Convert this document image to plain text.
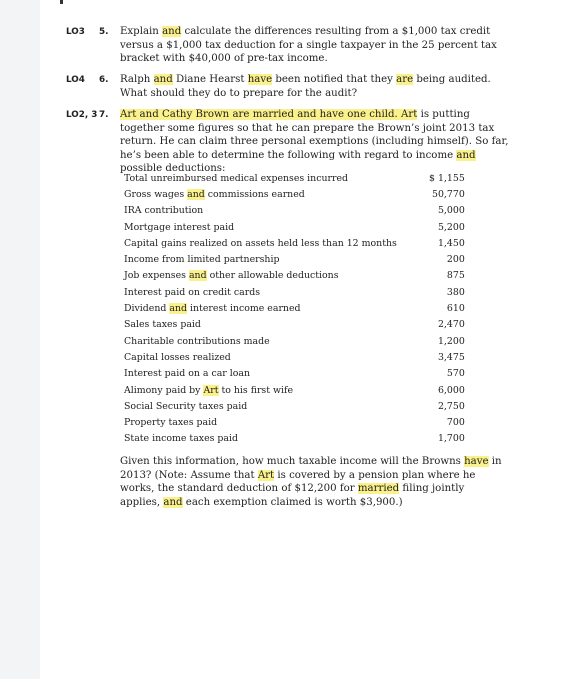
LO3 5. Explain and calculate the differences resulting from a $1,000 tax credit versus a $1,000 tax deduction for a single taxpayer in the 25 percent tax bracket with $40,000 of pre-tax income.
LO4 6. Ralph and Diane Hearst have been notified that they are being audited. What should they do to prepare for the audit?
LO2, 3 7. Art and Cathy Brown are married and have one child. Art is putting together some figures so that he can prepare the Brown’s joint 2013 tax return. He can claim three personal exemptions (including himself). So far, he’s been able to determine the following with regard to income and possible deductions:
Total unreimbursed medical expenses incurred	$ 1,155
Gross wages and commissions earned	50,770
IRA contribution	5,000
Mortgage interest paid	5,200
Capital gains realized on assets held less than 12 months	1,450
Income from limited partnership	200
Job expenses and other allowable deductions	875
Interest paid on credit cards	380
Dividend and interest income earned	610
Sales taxes paid	2,470
Charitable contributions made	1,200
Capital losses realized	3,475
Interest paid on a car loan	570
Alimony paid by Art to his first wife	6,000
Social Security taxes paid	2,750
Property taxes paid	700
State income taxes paid	1,700
Given this information, how much taxable income will the Browns have in 2013? (Note: Assume that Art is covered by a pension plan where he works, the standard deduction of $12,200 for married filing jointly applies, and each exemption claimed is worth $3,900.)
